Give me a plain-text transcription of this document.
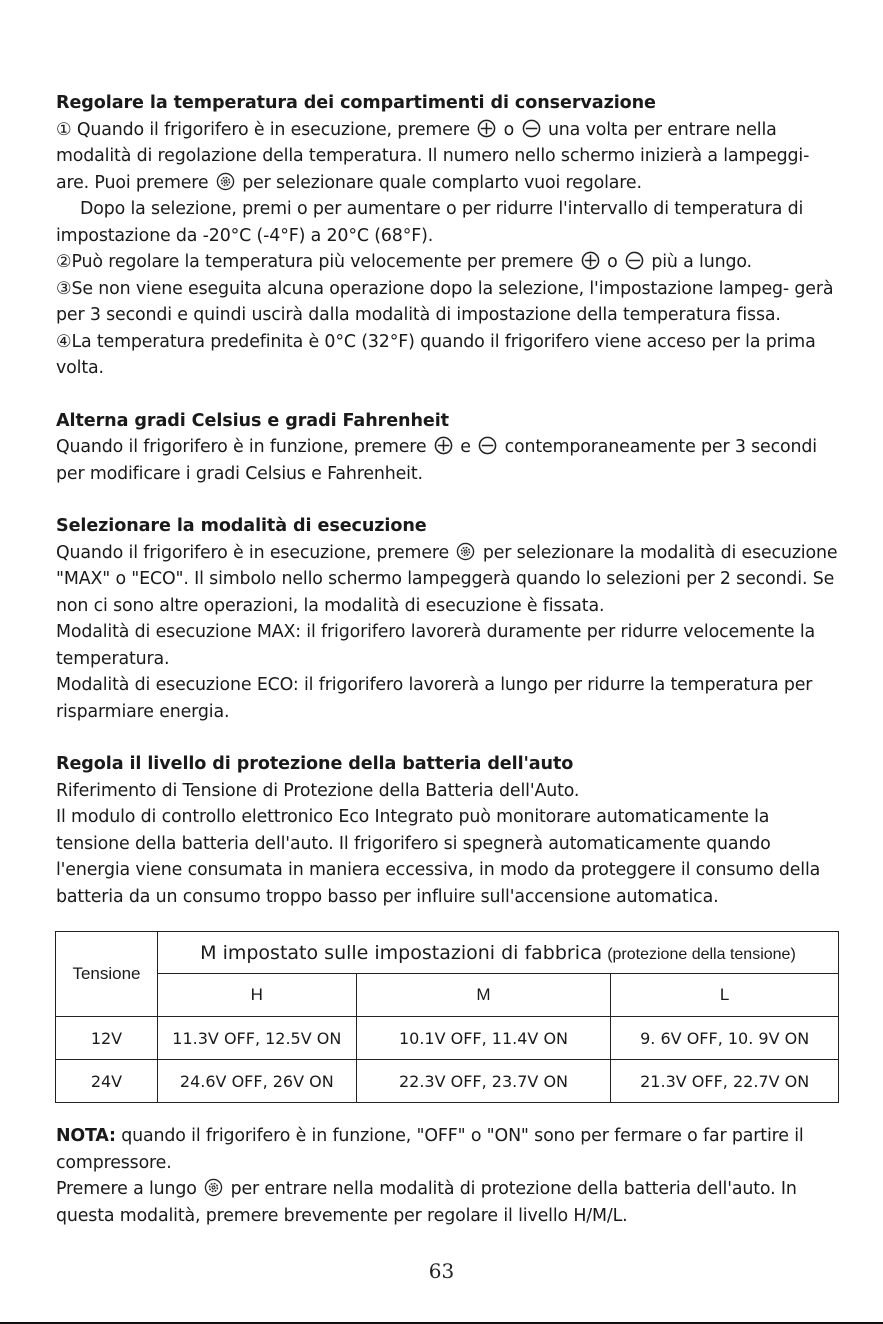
Regolare la temperatura dei compartimenti di conservazione

① Quando il frigorifero è in esecuzione, premere o una volta per entrare nella modalità di regolazione della temperatura. Il numero nello schermo inizierà a lampeggi- are. Puoi premere per selezionare quale complarto vuoi regolare.

Dopo la selezione, premi o per aumentare o per ridurre l'intervallo di temperatura di impostazione da -20°C (-4°F) a 20°C (68°F).

②Può regolare la temperatura più velocemente per premere o più a lungo.

③Se non viene eseguita alcuna operazione dopo la selezione, l'impostazione lampeg- gerà per 3 secondi e quindi uscirà dalla modalità di impostazione della temperatura fissa.

④La temperatura predefinita è 0°C (32°F) quando il frigorifero viene acceso per la prima volta.

Alterna gradi Celsius e gradi Fahrenheit

Quando il frigorifero è in funzione, premere e contemporaneamente per 3 secondi per modificare i gradi Celsius e Fahrenheit.

Selezionare la modalità di esecuzione

Quando il frigorifero è in esecuzione, premere per selezionare la modalità di esecuzione "MAX" o "ECO". Il simbolo nello schermo lampeggerà quando lo selezioni per 2 secondi. Se non ci sono altre operazioni, la modalità di esecuzione è fissata.

Modalità di esecuzione MAX: il frigorifero lavorerà duramente per ridurre velocemente la temperatura.

Modalità di esecuzione ECO: il frigorifero lavorerà a lungo per ridurre la temperatura per risparmiare energia.

Regola il livello di protezione della batteria dell'auto

Riferimento di Tensione di Protezione della Batteria dell'Auto.

Il modulo di controllo elettronico Eco Integrato può monitorare automaticamente la tensione della batteria dell'auto. Il frigorifero si spegnerà automaticamente quando l'energia viene consumata in maniera eccessiva, in modo da proteggere il consumo della batteria da un consumo troppo basso per influire sull'accensione automatica.

Tensione	M impostato sulle impostazioni di fabbrica (protezione della tensione)		
	H	M	L
12V	11.3V OFF, 12.5V ON	10.1V OFF, 11.4V ON	9. 6V OFF, 10. 9V ON
24V	24.6V OFF, 26V ON	22.3V OFF, 23.7V ON	21.3V OFF, 22.7V ON

NOTA: quando il frigorifero è in funzione, "OFF" o "ON" sono per fermare o far partire il compressore.

Premere a lungo per entrare nella modalità di protezione della batteria dell'auto. In questa modalità, premere brevemente per regolare il livello H/M/L.

63
